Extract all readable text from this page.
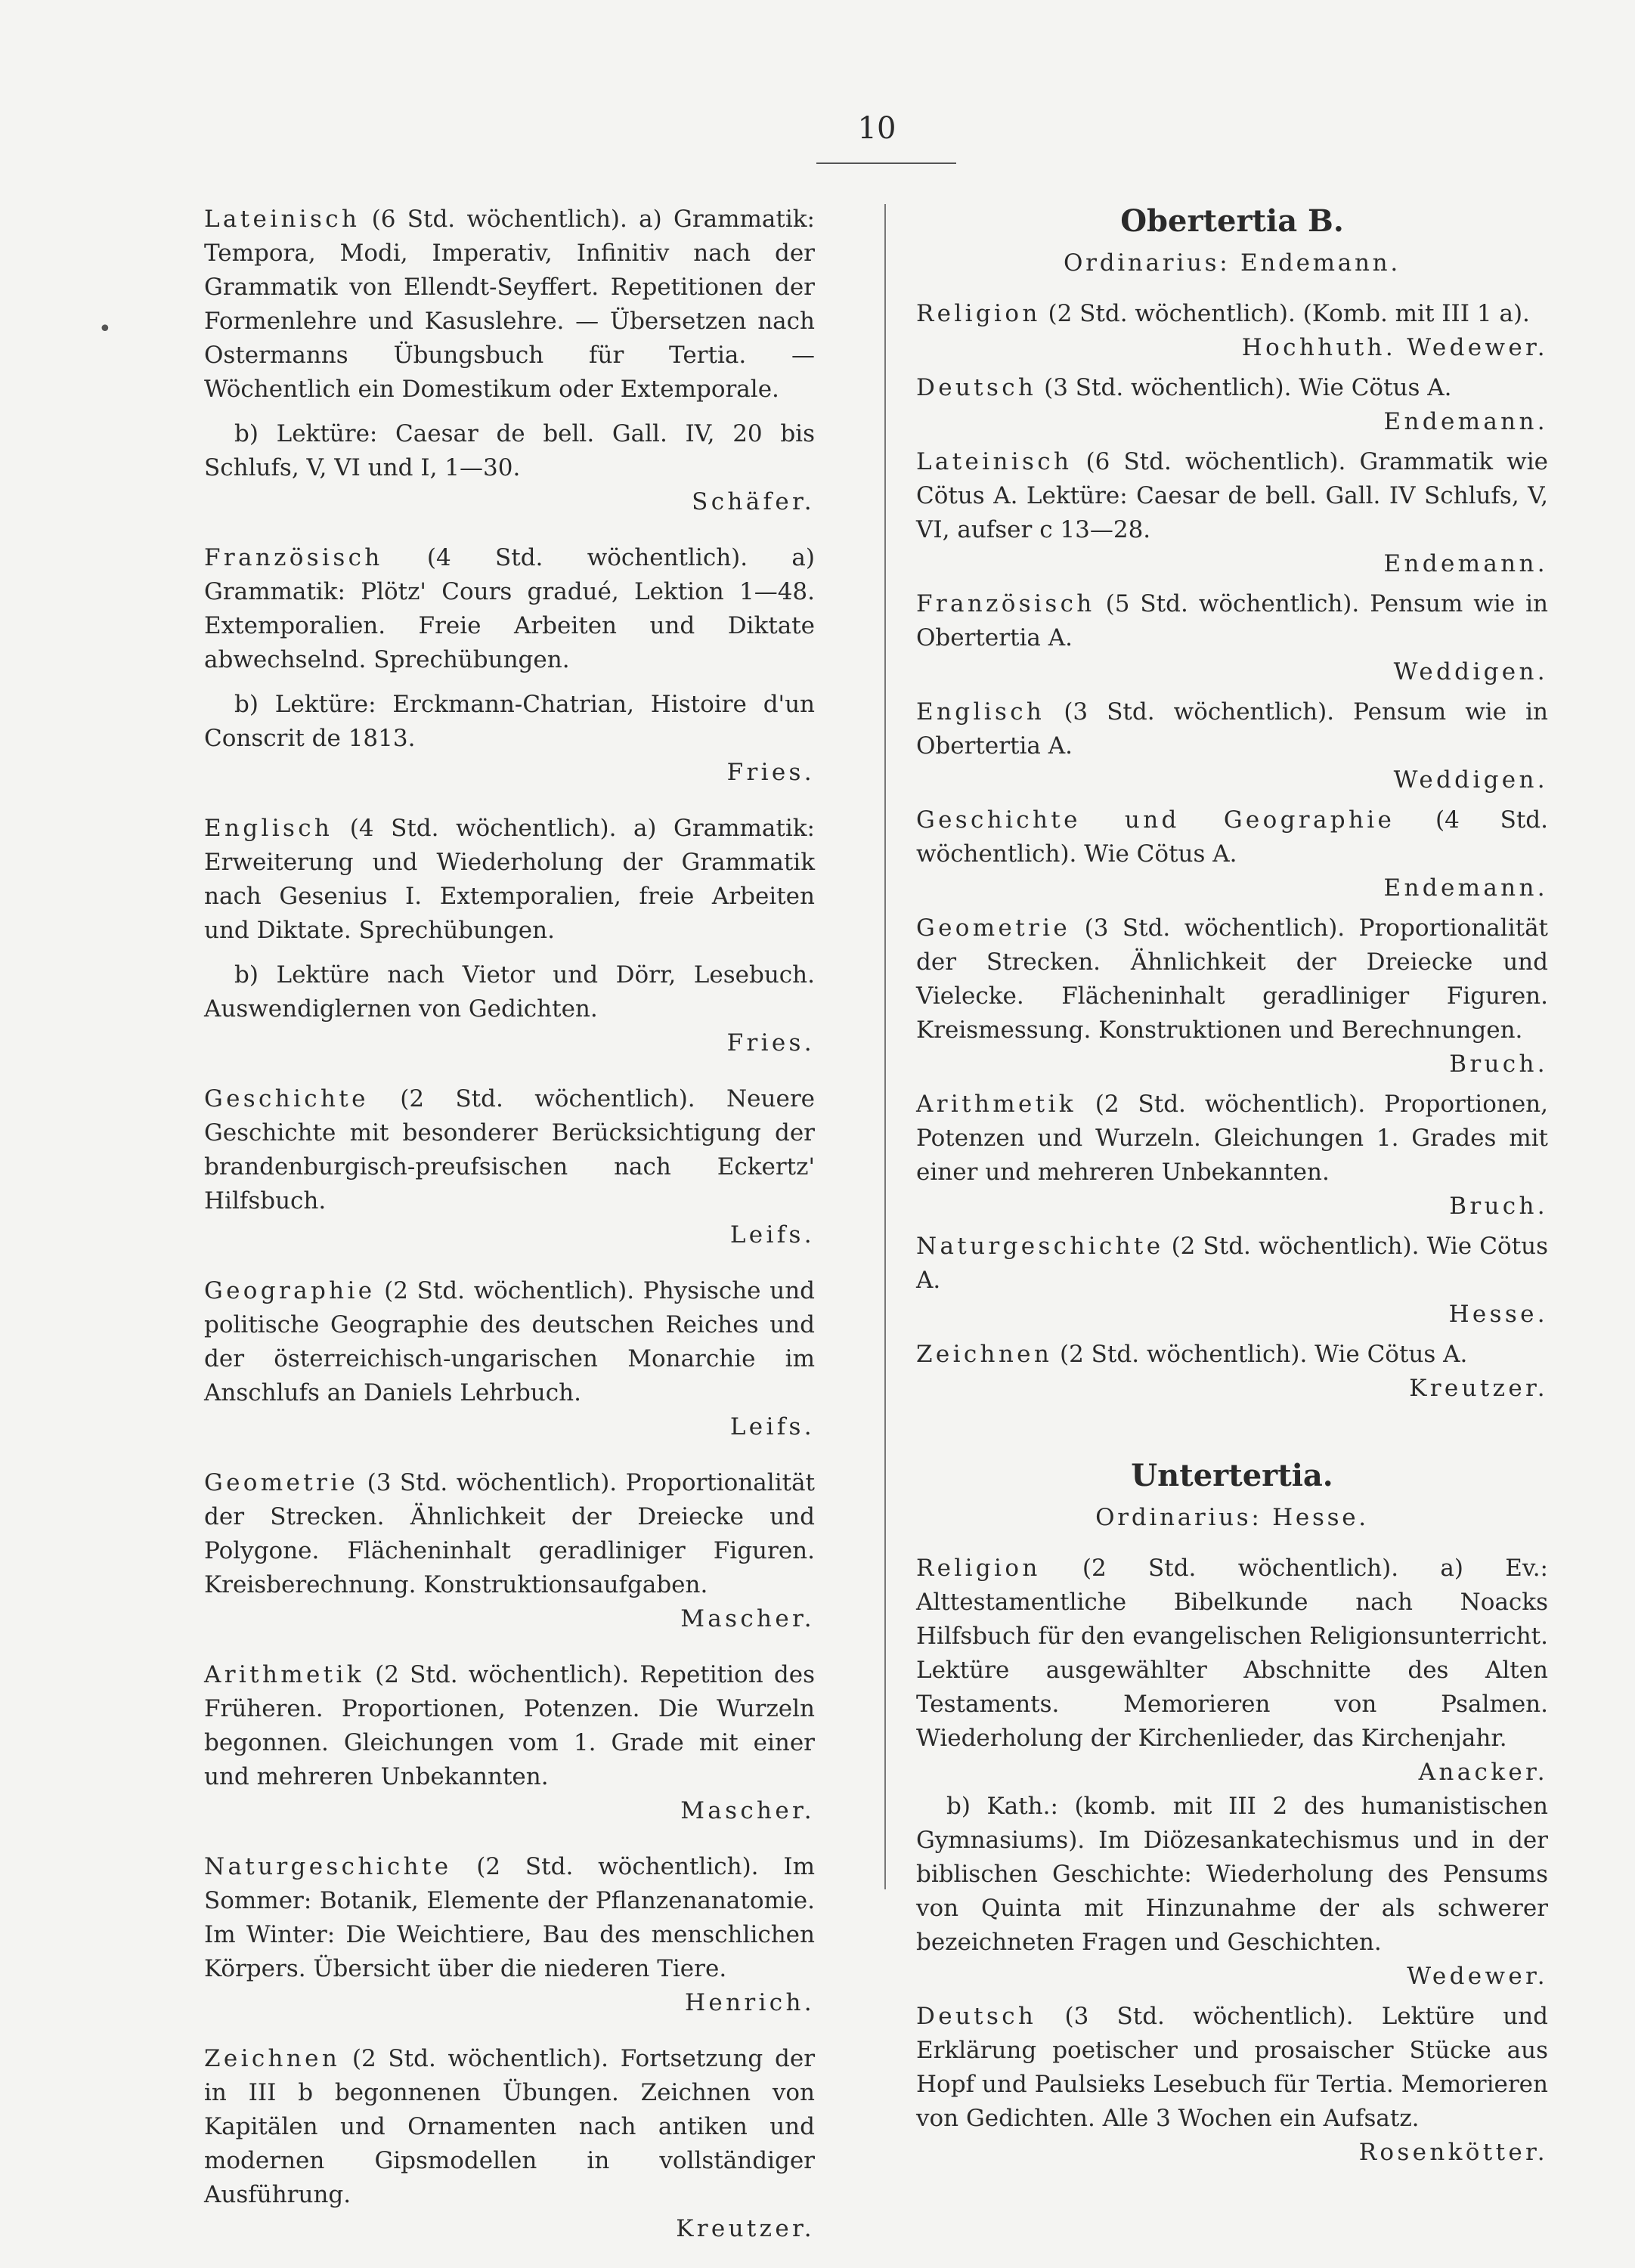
10
•

Lateinisch (6 Std. wöchentlich). a) Grammatik: Tempora, Modi, Imperativ, Infinitiv nach der Grammatik von Ellendt-Seyffert. Repetitionen der Formenlehre und Kasuslehre. — Übersetzen nach Ostermanns Übungsbuch für Tertia. — Wöchentlich ein Domestikum oder Extemporale.

b) Lektüre: Caesar de bell. Gall. IV, 20 bis Schlufs, V, VI und I, 1—30.

Schäfer.

Französisch (4 Std. wöchentlich). a) Grammatik: Plötz' Cours gradué, Lektion 1—48. Extemporalien. Freie Arbeiten und Diktate abwechselnd. Sprechübungen.

b) Lektüre: Erckmann-Chatrian, Histoire d'un Conscrit de 1813.

Fries.

Englisch (4 Std. wöchentlich). a) Grammatik: Erweiterung und Wiederholung der Grammatik nach Gesenius I. Extemporalien, freie Arbeiten und Diktate. Sprechübungen.

b) Lektüre nach Vietor und Dörr, Lesebuch. Auswendiglernen von Gedichten.

Fries.

Geschichte (2 Std. wöchentlich). Neuere Geschichte mit besonderer Berücksichtigung der brandenburgisch-preufsischen nach Eckertz' Hilfsbuch.

Leifs.

Geographie (2 Std. wöchentlich). Physische und politische Geographie des deutschen Reiches und der österreichisch-ungarischen Monarchie im Anschlufs an Daniels Lehrbuch.

Leifs.

Geometrie (3 Std. wöchentlich). Proportionalität der Strecken. Ähnlichkeit der Dreiecke und Polygone. Flächeninhalt geradliniger Figuren. Kreisberechnung. Konstruktionsaufgaben.

Mascher.

Arithmetik (2 Std. wöchentlich). Repetition des Früheren. Proportionen, Potenzen. Die Wurzeln begonnen. Gleichungen vom 1. Grade mit einer und mehreren Unbekannten.

Mascher.

Naturgeschichte (2 Std. wöchentlich). Im Sommer: Botanik, Elemente der Pflanzenanatomie. Im Winter: Die Weichtiere, Bau des menschlichen Körpers. Übersicht über die niederen Tiere.

Henrich.

Zeichnen (2 Std. wöchentlich). Fortsetzung der in III b begonnenen Übungen. Zeichnen von Kapitälen und Ornamenten nach antiken und modernen Gipsmodellen in vollständiger Ausführung.

Kreutzer.
Obertertia B.
Ordinarius: Endemann.

Religion (2 Std. wöchentlich). (Komb. mit III 1 a).

Hochhuth. Wedewer.

Deutsch (3 Std. wöchentlich). Wie Cötus A.

Endemann.

Lateinisch (6 Std. wöchentlich). Grammatik wie Cötus A. Lektüre: Caesar de bell. Gall. IV Schlufs, V, VI, aufser c 13—28.

Endemann.

Französisch (5 Std. wöchentlich). Pensum wie in Obertertia A.

Weddigen.

Englisch (3 Std. wöchentlich). Pensum wie in Obertertia A.

Weddigen.

Geschichte und Geographie (4 Std. wöchentlich). Wie Cötus A.

Endemann.

Geometrie (3 Std. wöchentlich). Proportionalität der Strecken. Ähnlichkeit der Dreiecke und Vielecke. Flächeninhalt geradliniger Figuren. Kreismessung. Konstruktionen und Berechnungen.

Bruch.

Arithmetik (2 Std. wöchentlich). Proportionen, Potenzen und Wurzeln. Gleichungen 1. Grades mit einer und mehreren Unbekannten.

Bruch.

Naturgeschichte (2 Std. wöchentlich). Wie Cötus A.

Hesse.

Zeichnen (2 Std. wöchentlich). Wie Cötus A.

Kreutzer.
Untertertia.
Ordinarius: Hesse.

Religion (2 Std. wöchentlich). a) Ev.: Alttestamentliche Bibelkunde nach Noacks Hilfsbuch für den evangelischen Religionsunterricht. Lektüre ausgewählter Abschnitte des Alten Testaments. Memorieren von Psalmen. Wiederholung der Kirchenlieder, das Kirchenjahr.

Anacker.

b) Kath.: (komb. mit III 2 des humanistischen Gymnasiums). Im Diözesankatechismus und in der biblischen Geschichte: Wiederholung des Pensums von Quinta mit Hinzunahme der als schwerer bezeichneten Fragen und Geschichten.

Wedewer.

Deutsch (3 Std. wöchentlich). Lektüre und Erklärung poetischer und prosaischer Stücke aus Hopf und Paulsieks Lesebuch für Tertia. Memorieren von Gedichten. Alle 3 Wochen ein Aufsatz.

Rosenkötter.
